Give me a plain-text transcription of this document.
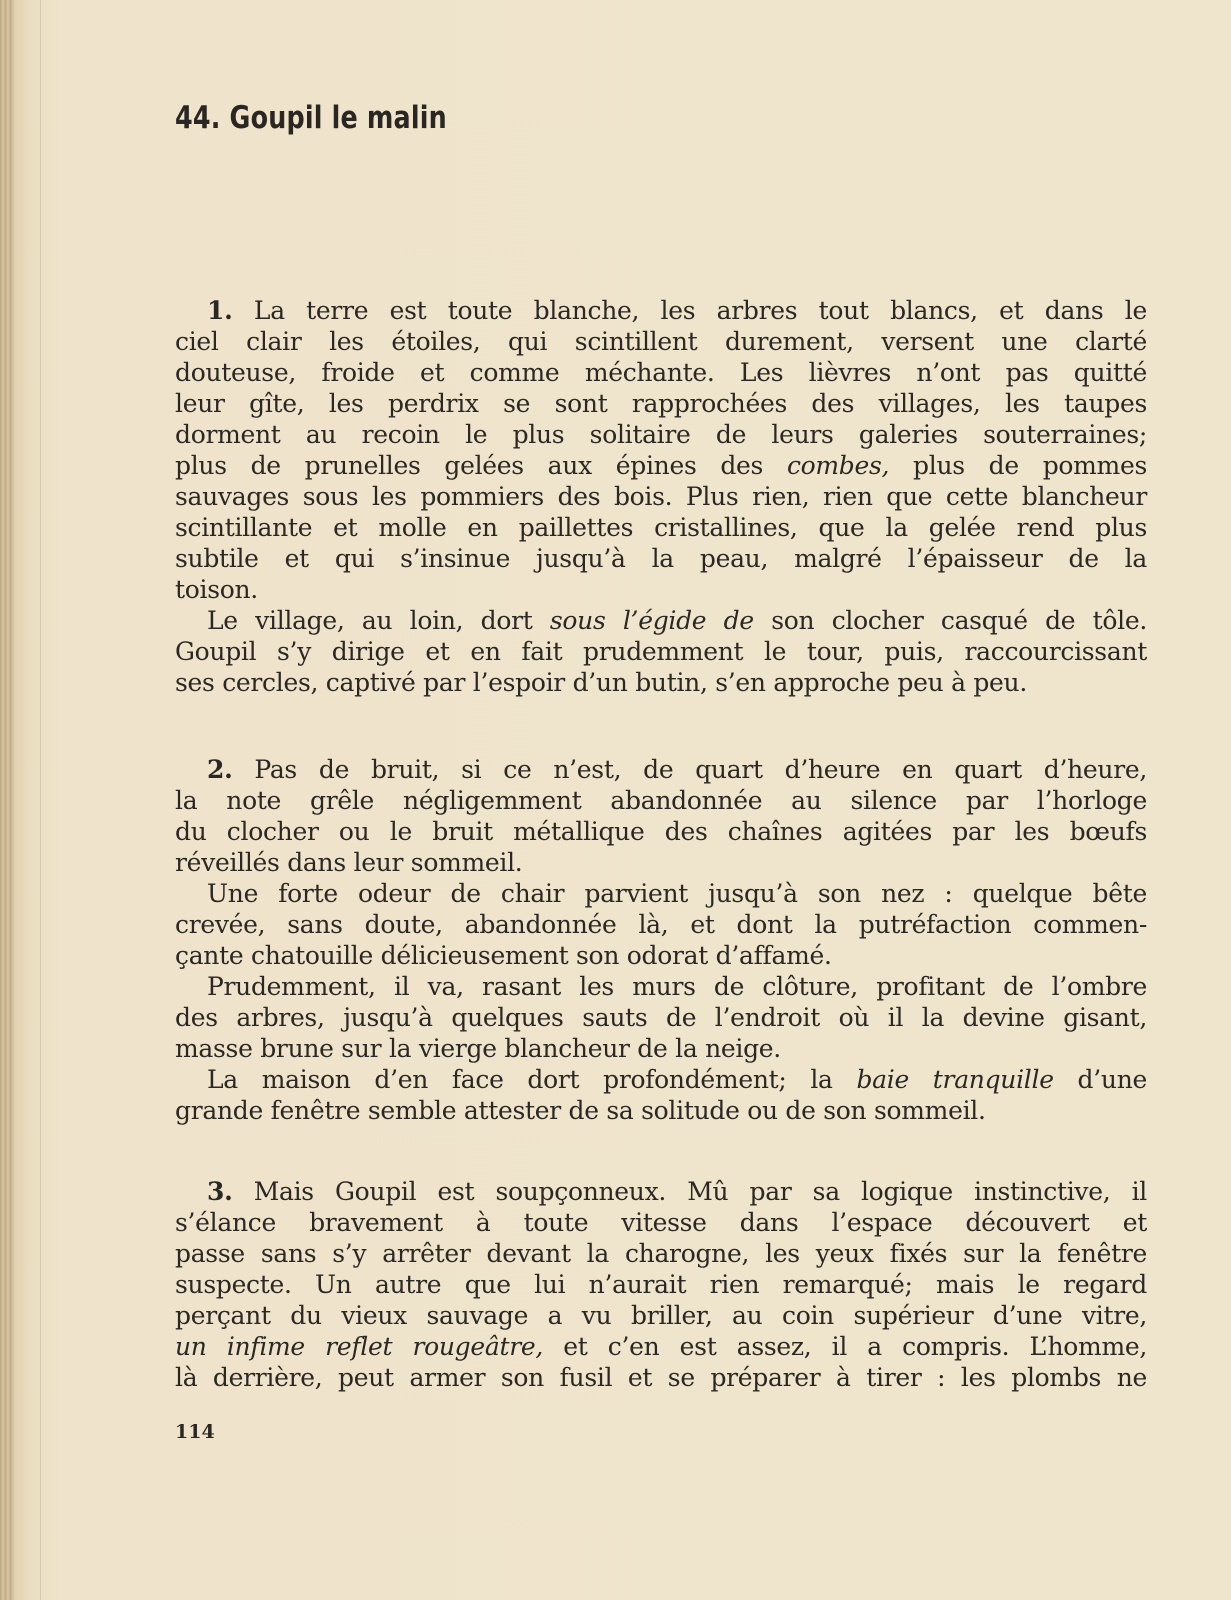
44. Goupil le malin
1. La terre est toute blanche, les arbres tout blancs, et dans le
ciel clair les étoiles, qui scintillent durement, versent une clarté
douteuse, froide et comme méchante. Les lièvres n’ont pas quitté
leur gîte, les perdrix se sont rapprochées des villages, les taupes
dorment au recoin le plus solitaire de leurs galeries souterraines;
plus de prunelles gelées aux épines des combes, plus de pommes
sauvages sous les pommiers des bois. Plus rien, rien que cette blancheur
scintillante et molle en paillettes cristallines, que la gelée rend plus
subtile et qui s’insinue jusqu’à la peau, malgré l’épaisseur de la
toison.
Le village, au loin, dort sous l’égide de son clocher casqué de tôle.
Goupil s’y dirige et en fait prudemment le tour, puis, raccourcissant
ses cercles, captivé par l’espoir d’un butin, s’en approche peu à peu.
2. Pas de bruit, si ce n’est, de quart d’heure en quart d’heure,
la note grêle négligemment abandonnée au silence par l’horloge
du clocher ou le bruit métallique des chaînes agitées par les bœufs
réveillés dans leur sommeil.
Une forte odeur de chair parvient jusqu’à son nez : quelque bête
crevée, sans doute, abandonnée là, et dont la putréfaction commen-
çante chatouille délicieusement son odorat d’affamé.
Prudemment, il va, rasant les murs de clôture, profitant de l’ombre
des arbres, jusqu’à quelques sauts de l’endroit où il la devine gisant,
masse brune sur la vierge blancheur de la neige.
La maison d’en face dort profondément; la baie tranquille d’une
grande fenêtre semble attester de sa solitude ou de son sommeil.
3. Mais Goupil est soupçonneux. Mû par sa logique instinctive, il
s’élance bravement à toute vitesse dans l’espace découvert et
passe sans s’y arrêter devant la charogne, les yeux fixés sur la fenêtre
suspecte. Un autre que lui n’aurait rien remarqué; mais le regard
perçant du vieux sauvage a vu briller, au coin supérieur d’une vitre,
un infime reflet rougeâtre, et c’en est assez, il a compris. L’homme,
là derrière, peut armer son fusil et se préparer à tirer : les plombs ne
114
